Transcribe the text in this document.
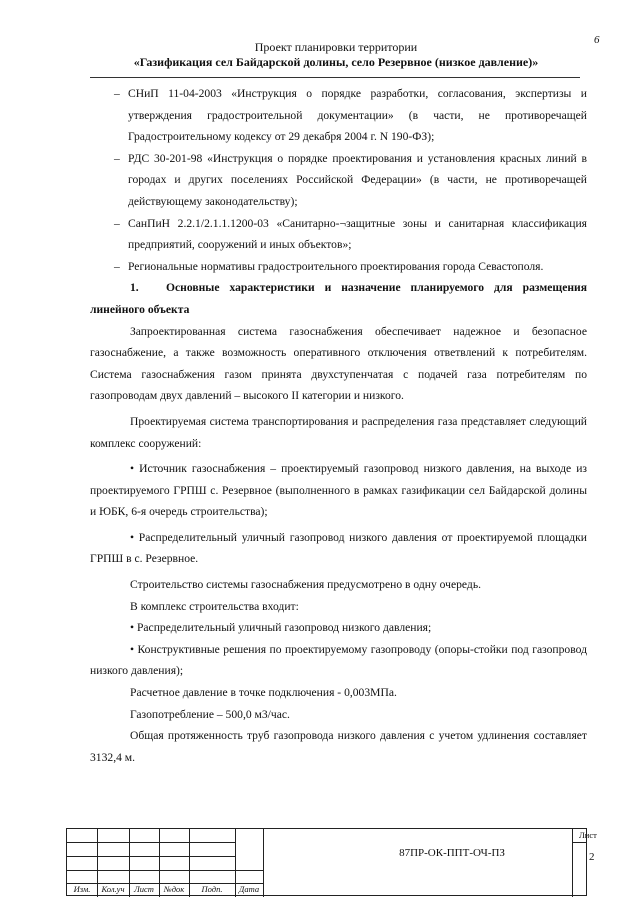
6
Проект планировки территории
«Газификация сел Байдарской долины, село Резервное (низкое давление)»

– СНиП 11-04-2003 «Инструкция о порядке разработки, согласования, экспертизы и утверждения градостроительной документации» (в части, не противоречащей Градостроительному кодексу от 29 декабря 2004 г. N 190-ФЗ);

– РДС 30-201-98 «Инструкция о порядке проектирования и установления красных линий в городах и других поселениях Российской Федерации» (в части, не противоречащей действующему законодательству);

– СанПиН 2.2.1/2.1.1.1200-03 «Санитарно-¬защитные зоны и санитарная классификация предприятий, сооружений и иных объектов»;

– Региональные нормативы градостроительного проектирования города Севастополя.

1. Основные характеристики и назначение планируемого для размещения линейного объекта

Запроектированная система газоснабжения обеспечивает надежное и безопасное газоснабжение, а также возможность оперативного отключения ответвлений к потребителям. Система газоснабжения газом принята двухступенчатая с подачей газа потребителям по газопроводам двух давлений – высокого II категории и низкого.

Проектируемая система транспортирования и распределения газа представляет следующий комплекс сооружений:

• Источник газоснабжения – проектируемый газопровод низкого давления, на выходе из проектируемого ГРПШ с. Резервное (выполненного в рамках газификации сел Байдарской долины и ЮБК, 6-я очередь строительства);

• Распределительный уличный газопровод низкого давления от проектируемой площадки ГРПШ в с. Резервное.

Строительство системы газоснабжения предусмотрено в одну очередь.

В комплекс строительства входит:

• Распределительный уличный газопровод низкого давления;

• Конструктивные решения по проектируемому газопроводу (опоры-стойки под газопровод низкого давления);

Расчетное давление в точке подключения - 0,003МПа.

Газопотребление – 500,0 м3/час.

Общая протяженность труб газопровода низкого давления с учетом удлинения составляет 3132,4 м.

Изм.	Кол.уч	Лист	№док	Подп.	Дата
87ПР-ОК-ППТ-ОЧ-ПЗ
Лист
2
